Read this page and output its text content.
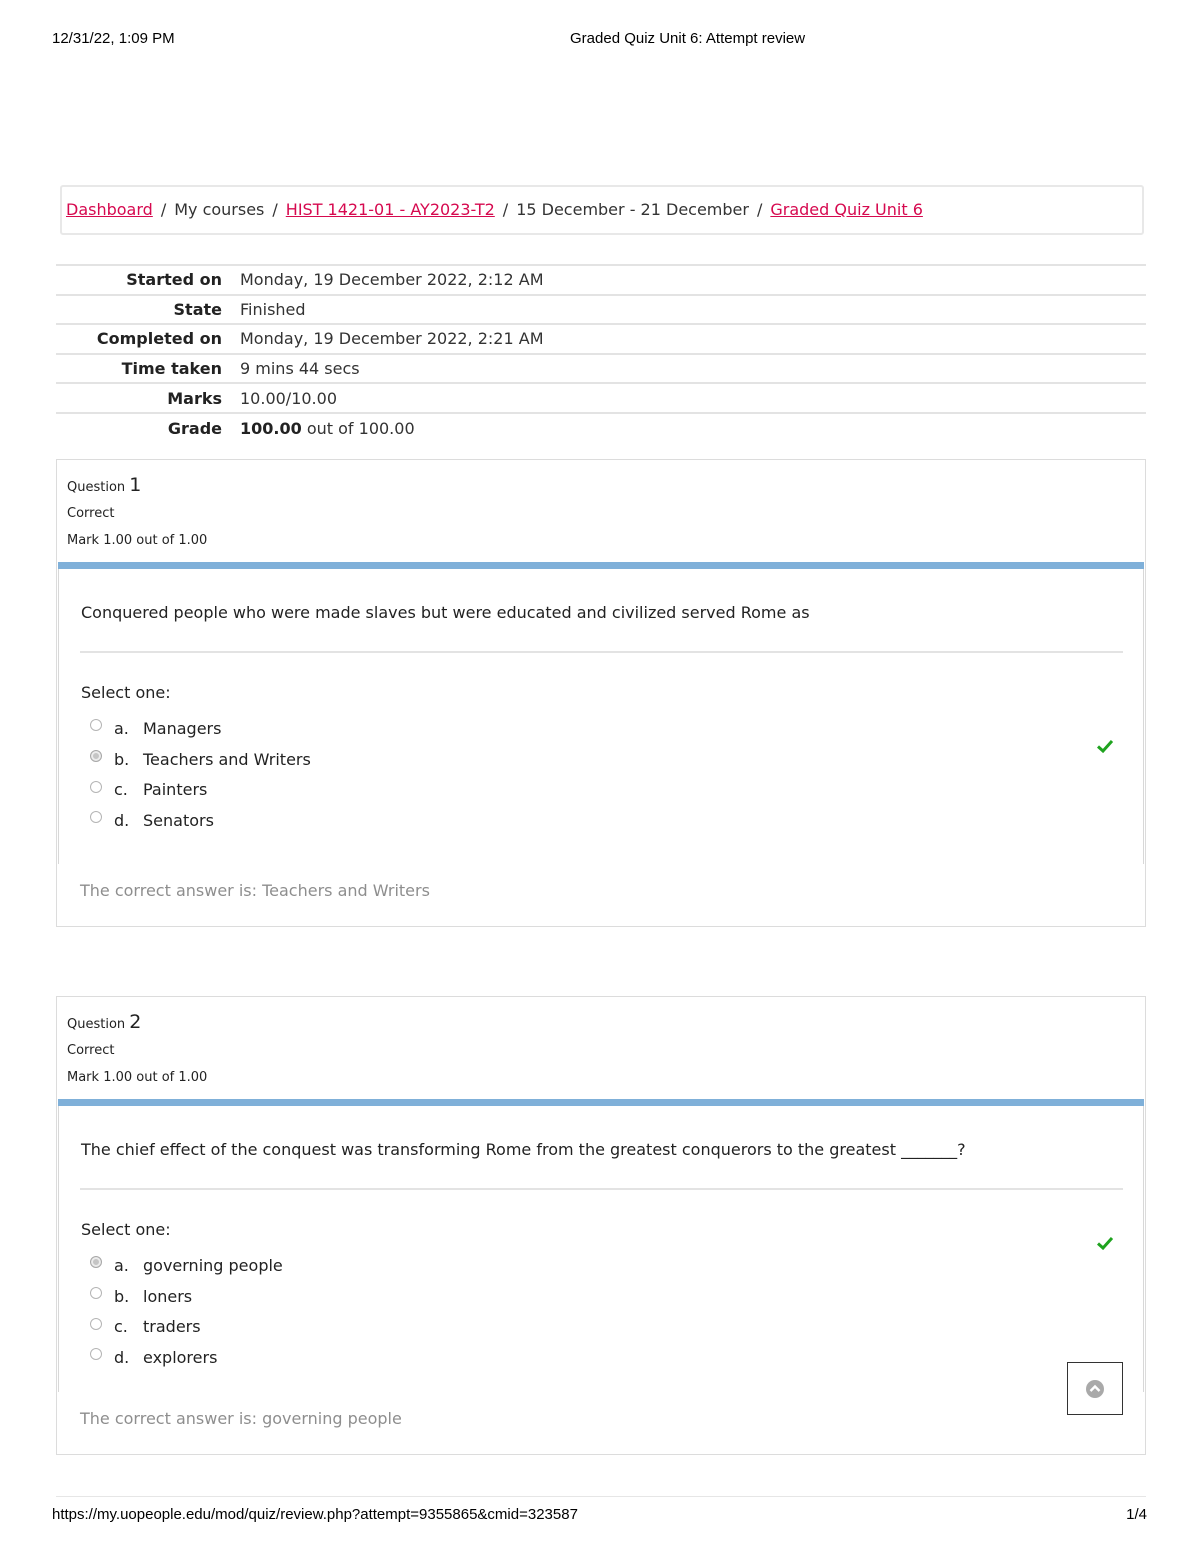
12/31/22, 1:09 PM	Graded Quiz Unit 6: Attempt review
Dashboard / My courses / HIST 1421-01 - AY2023-T2 / 15 December - 21 December / Graded Quiz Unit 6
Started on	Monday, 19 December 2022, 2:12 AM
State	Finished
Completed on	Monday, 19 December 2022, 2:21 AM
Time taken	9 mins 44 secs
Marks	10.00/10.00
Grade	100.00 out of 100.00
Question 1
Correct
Mark 1.00 out of 1.00
Conquered people who were made slaves but were educated and civilized served Rome as
Select one:
a. Managers
b. Teachers and Writers
c. Painters
d. Senators
The correct answer is: Teachers and Writers
Question 2
Correct
Mark 1.00 out of 1.00
The chief effect of the conquest was transforming Rome from the greatest conquerors to the greatest _______?
Select one:
a. governing people
b. loners
c. traders
d. explorers
The correct answer is: governing people
https://my.uopeople.edu/mod/quiz/review.php?attempt=9355865&cmid=323587	1/4
